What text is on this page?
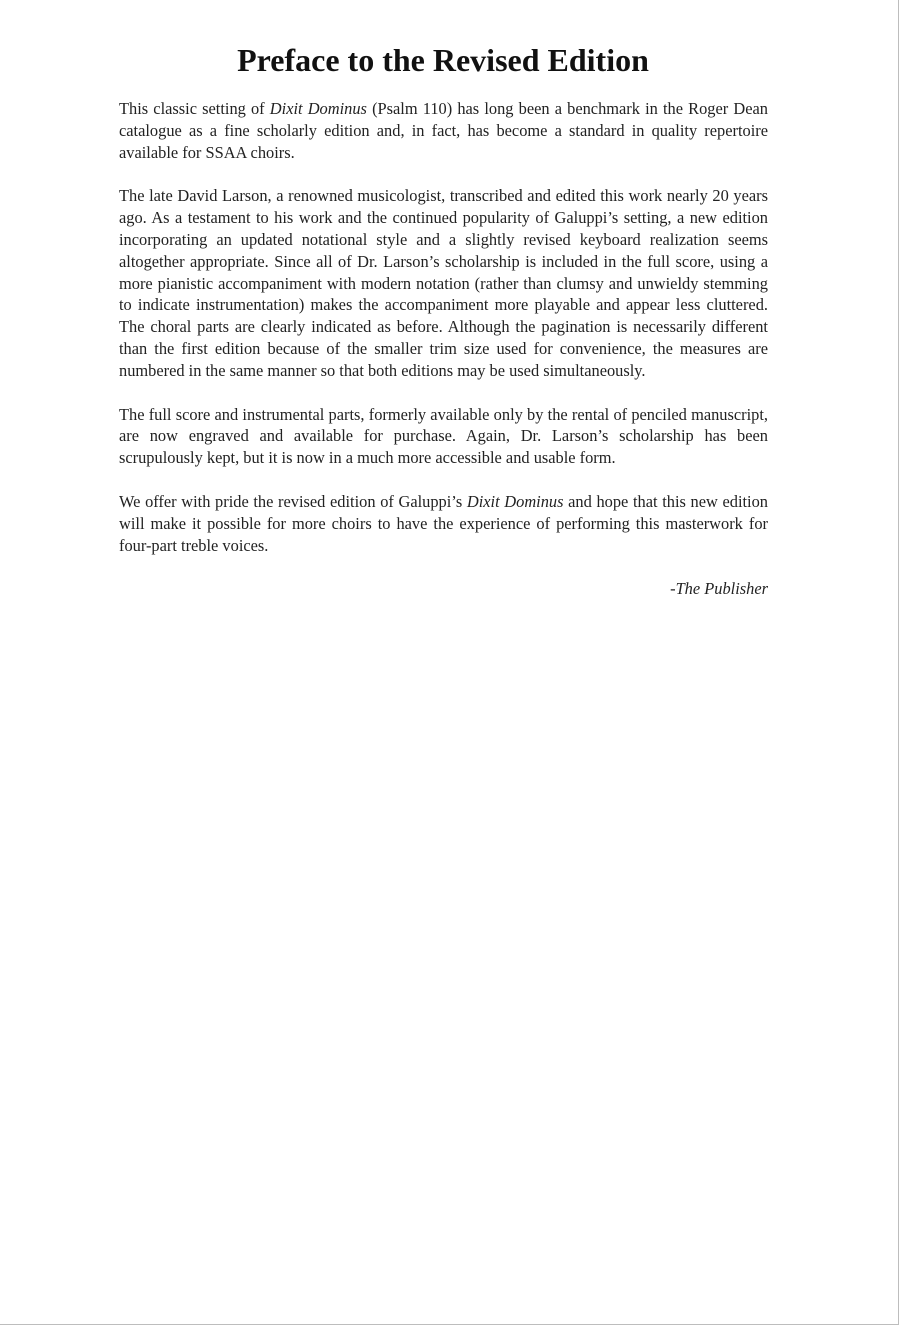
Preface to the Revised Edition

This classic setting of Dixit Dominus (Psalm 110) has long been a benchmark in the Roger Dean catalogue as a fine scholarly edition and, in fact, has become a standard in quality repertoire available for SSAA choirs.

The late David Larson, a renowned musicologist, transcribed and edited this work nearly 20 years ago. As a testament to his work and the continued popularity of Galuppi’s setting, a new edition incorporating an updated notational style and a slightly revised keyboard realization seems altogether appropriate. Since all of Dr. Larson’s scholarship is included in the full score, using a more pianistic accompaniment with modern notation (rather than clumsy and unwieldy stemming to indicate instrumentation) makes the accompaniment more playable and appear less cluttered. The choral parts are clearly indicated as before. Although the pagination is necessarily different than the first edition because of the smaller trim size used for convenience, the measures are numbered in the same manner so that both editions may be used simultaneously.

The full score and instrumental parts, formerly available only by the rental of penciled manuscript, are now engraved and available for purchase. Again, Dr. Larson’s scholarship has been scrupulously kept, but it is now in a much more accessible and usable form.

We offer with pride the revised edition of Galuppi’s Dixit Dominus and hope that this new edition will make it possible for more choirs to have the experience of performing this masterwork for four-part treble voices.

-The Publisher
